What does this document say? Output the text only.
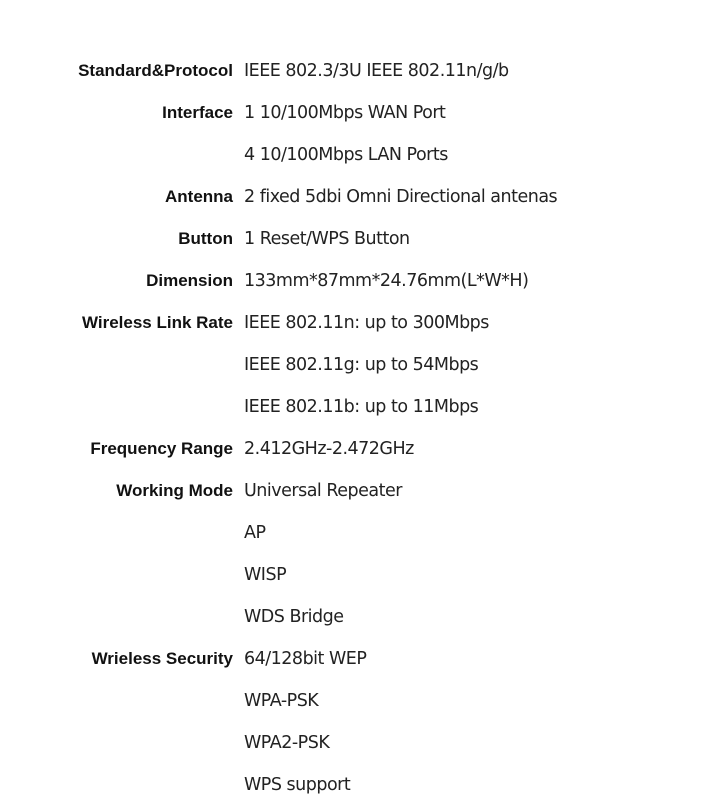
Standard&Protocol IEEE 802.3/3U IEEE 802.11n/g/b
Interface 1 10/100Mbps WAN Port
4 10/100Mbps LAN Ports
Antenna 2 fixed 5dbi Omni Directional antenas
Button 1 Reset/WPS Button
Dimension 133mm*87mm*24.76mm(L*W*H)
Wireless Link Rate IEEE 802.11n: up to 300Mbps
IEEE 802.11g: up to 54Mbps
IEEE 802.11b: up to 11Mbps
Frequency Range 2.412GHz-2.472GHz
Working Mode Universal Repeater
AP
WISP
WDS Bridge
Wrieless Security 64/128bit WEP
WPA-PSK
WPA2-PSK
WPS support
